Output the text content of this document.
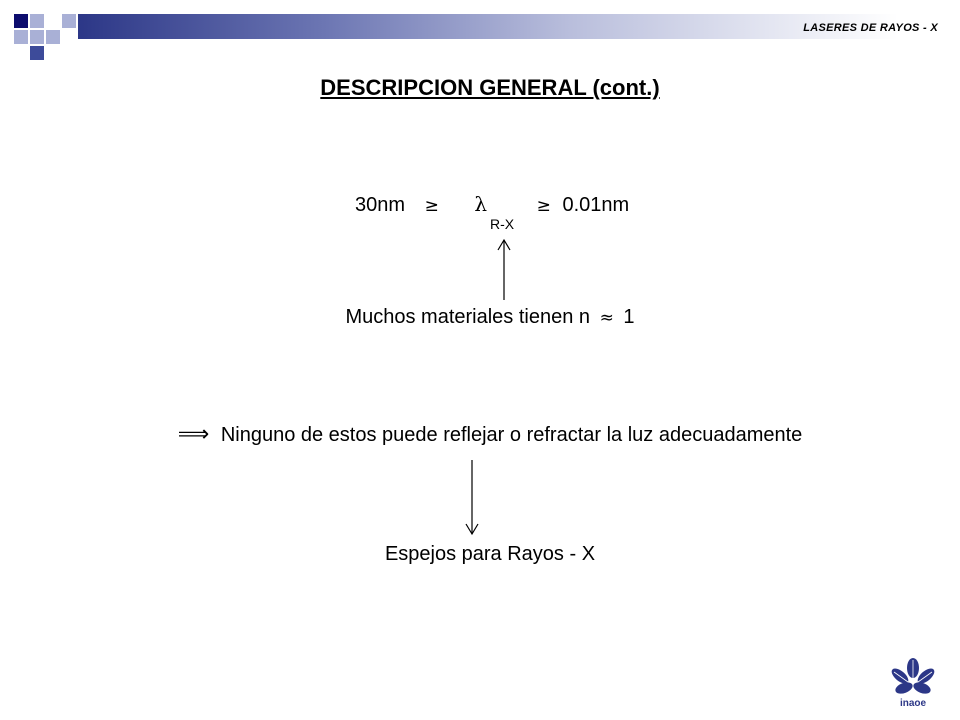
LASERES DE RAYOS - X
DESCRIPCION GENERAL (cont.)
30nm ≥ λ	≥ 0.01nm
R-X
Muchos materiales tienen n ≈ 1
⟹ Ninguno de estos puede reflejar o refractar la luz adecuadamente
Espejos para Rayos - X
inaoe
